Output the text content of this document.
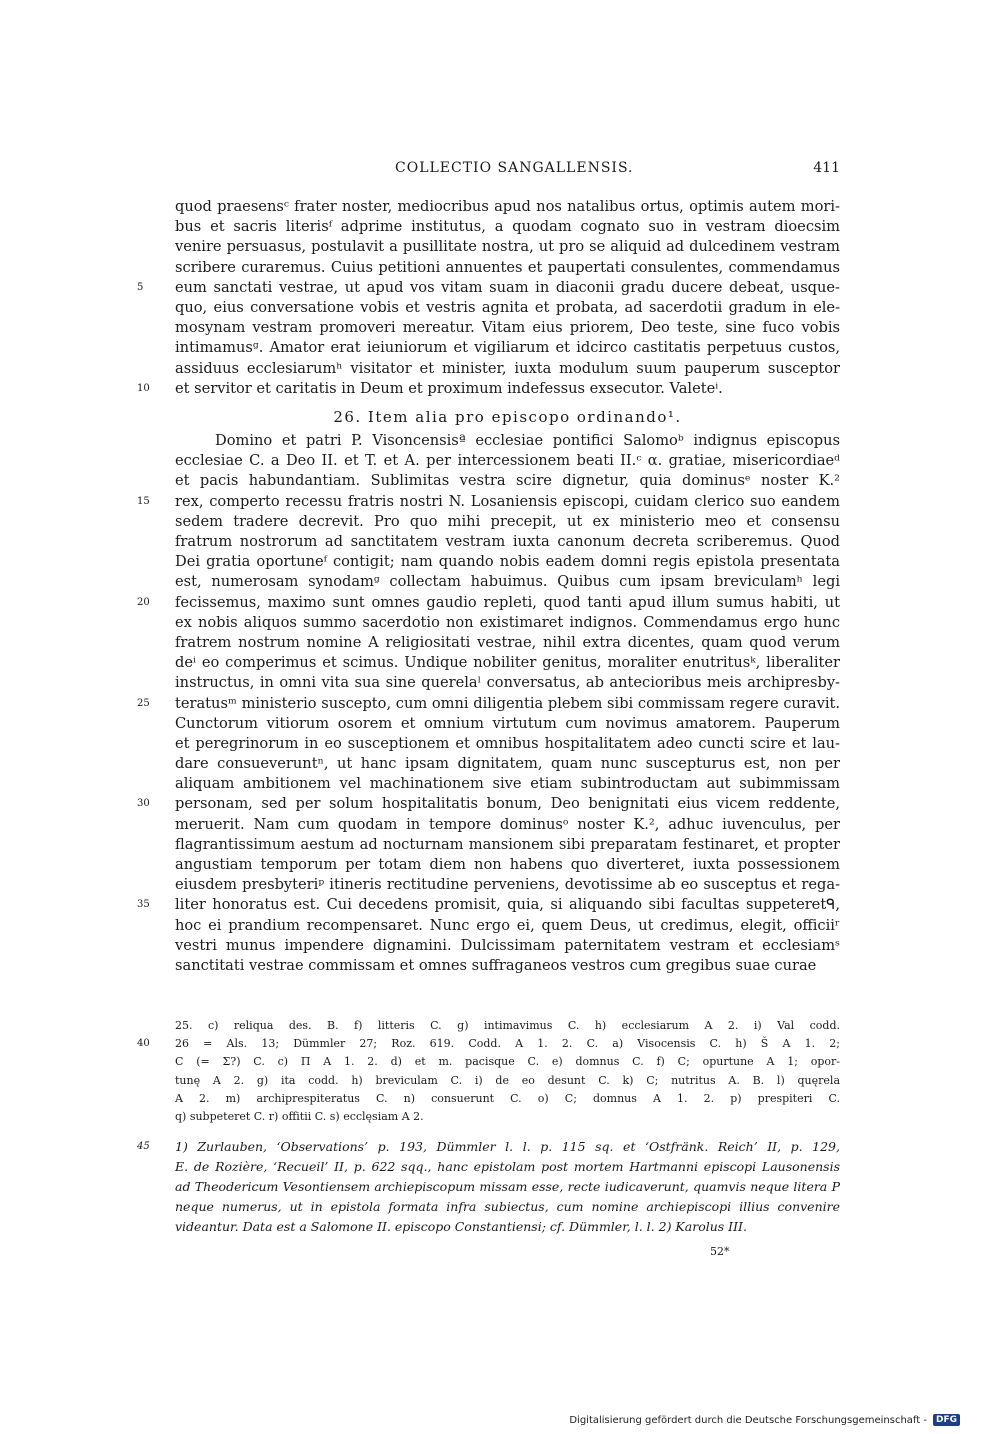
COLLECTIO SANGALLENSIS.	411
quod praesensᶜ frater noster, mediocribus apud nos natalibus ortus, optimis autem mori-
bus et sacris literisᶠ adprime institutus, a quodam cognato suo in vestram dioecsim
venire persuasus, postulavit a pusillitate nostra, ut pro se aliquid ad dulcedinem vestram
scribere curaremus. Cuius petitioni annuentes et paupertati consulentes, commendamus
5	eum sanctati vestrae, ut apud vos vitam suam in diaconii gradu ducere debeat, usque-
quo, eius conversatione vobis et vestris agnita et probata, ad sacerdotii gradum in ele-
mosynam vestram promoveri mereatur. Vitam eius priorem, Deo teste, sine fuco vobis
intimamusᵍ. Amator erat ieiuniorum et vigiliarum et idcirco castitatis perpetuus custos,
assiduus ecclesiarumʰ visitator et minister, iuxta modulum suum pauperum susceptor
10	et servitor et caritatis in Deum et proximum indefessus exsecutor. Valeteⁱ.
26. Item alia pro episcopo ordinando¹.
Domino et patri P. Visoncensisª ecclesiae pontifici Salomoᵇ indignus episcopus
ecclesiae C. a Deo II. et T. et A. per intercessionem beati II.ᶜ α. gratiae, misericordiaeᵈ
et pacis habundantiam. Sublimitas vestra scire dignetur, quia dominusᵉ noster K.²
15	rex, comperto recessu fratris nostri N. Losaniensis episcopi, cuidam clerico suo eandem
sedem tradere decrevit. Pro quo mihi precepit, ut ex ministerio meo et consensu
fratrum nostrorum ad sanctitatem vestram iuxta canonum decreta scriberemus. Quod
Dei gratia oportuneᶠ contigit; nam quando nobis eadem domni regis epistola presentata
est, numerosam synodamᵍ collectam habuimus. Quibus cum ipsam breviculamʰ legi
20	fecissemus, maximo sunt omnes gaudio repleti, quod tanti apud illum sumus habiti, ut
ex nobis aliquos summo sacerdotio non existimaret indignos. Commendamus ergo hunc
fratrem nostrum nomine A religiositati vestrae, nihil extra dicentes, quam quod verum
deⁱ eo comperimus et scimus. Undique nobiliter genitus, moraliter enutritusᵏ, liberaliter
instructus, in omni vita sua sine querelaˡ conversatus, ab antecioribus meis archipresby-
25	teratusᵐ ministerio suscepto, cum omni diligentia plebem sibi commissam regere curavit.
Cunctorum vitiorum osorem et omnium virtutum cum novimus amatorem. Pauperum
et peregrinorum in eo susceptionem et omnibus hospitalitatem adeo cuncti scire et lau-
dare consueveruntⁿ, ut hanc ipsam dignitatem, quam nunc suscepturus est, non per
aliquam ambitionem vel machinationem sive etiam subintroductam aut subimmissam
30	personam, sed per solum hospitalitatis bonum, Deo benignitati eius vicem reddente,
meruerit. Nam cum quodam in tempore dominusᵒ noster K.², adhuc iuvenculus, per
flagrantissimum aestum ad nocturnam mansionem sibi preparatam festinaret, et propter
angustiam temporum per totam diem non habens quo diverteret, iuxta possessionem
eiusdem presbyteriᵖ itineris rectitudine perveniens, devotissime ab eo susceptus et rega-
35	liter honoratus est. Cui decedens promisit, quia, si aliquando sibi facultas suppeteretᑫ,
hoc ei prandium recompensaret. Nunc ergo ei, quem Deus, ut credimus, elegit, officiiʳ
vestri munus impendere dignamini. Dulcissimam paternitatem vestram et ecclesiamˢ
sanctitati vestrae commissam et omnes suffraganeos vestros cum gregibus suae curae
25. c) reliqua des. B. f) litteris C. g) intimavimus C. h) ecclesiarum A 2. i) Val codd.
40	26 = Als. 13; Dümmler 27; Roz. 619. Codd. A 1. 2. C. a) Visocensis C. h) Š A 1. 2;
C (= Σ?) C. c) Π A 1. 2. d) et m. pacisque C. e) domnus C. f) C; opurtune A 1; opor-
tunę A 2. g) ita codd. h) breviculam C. i) de eo desunt C. k) C; nutritus A. B. l) quęrela
A 2. m) archiprespiteratus C. n) consuerunt C. o) C; domnus A 1. 2. p) prespiteri C.
q) subpeteret C. r) offitii C. s) ecclęsiam A 2.
45	1) Zurlauben, ‘Observations’ p. 193, Dümmler l. l. p. 115 sq. et ‘Ostfränk. Reich’ II, p. 129,
E. de Rozière, ‘Recueil’ II, p. 622 sqq., hanc epistolam post mortem Hartmanni episcopi Lausonensis
ad Theodericum Vesontiensem archiepiscopum missam esse, recte iudicaverunt, quamvis neque litera P
neque numerus, ut in epistola formata infra subiectus, cum nomine archiepiscopi illius convenire
videantur. Data est a Salomone II. episcopo Constantiensi; cf. Dümmler, l. l. 2) Karolus III.
52*
Digitalisierung gefördert durch die Deutsche Forschungsgemeinschaft -	DFG
